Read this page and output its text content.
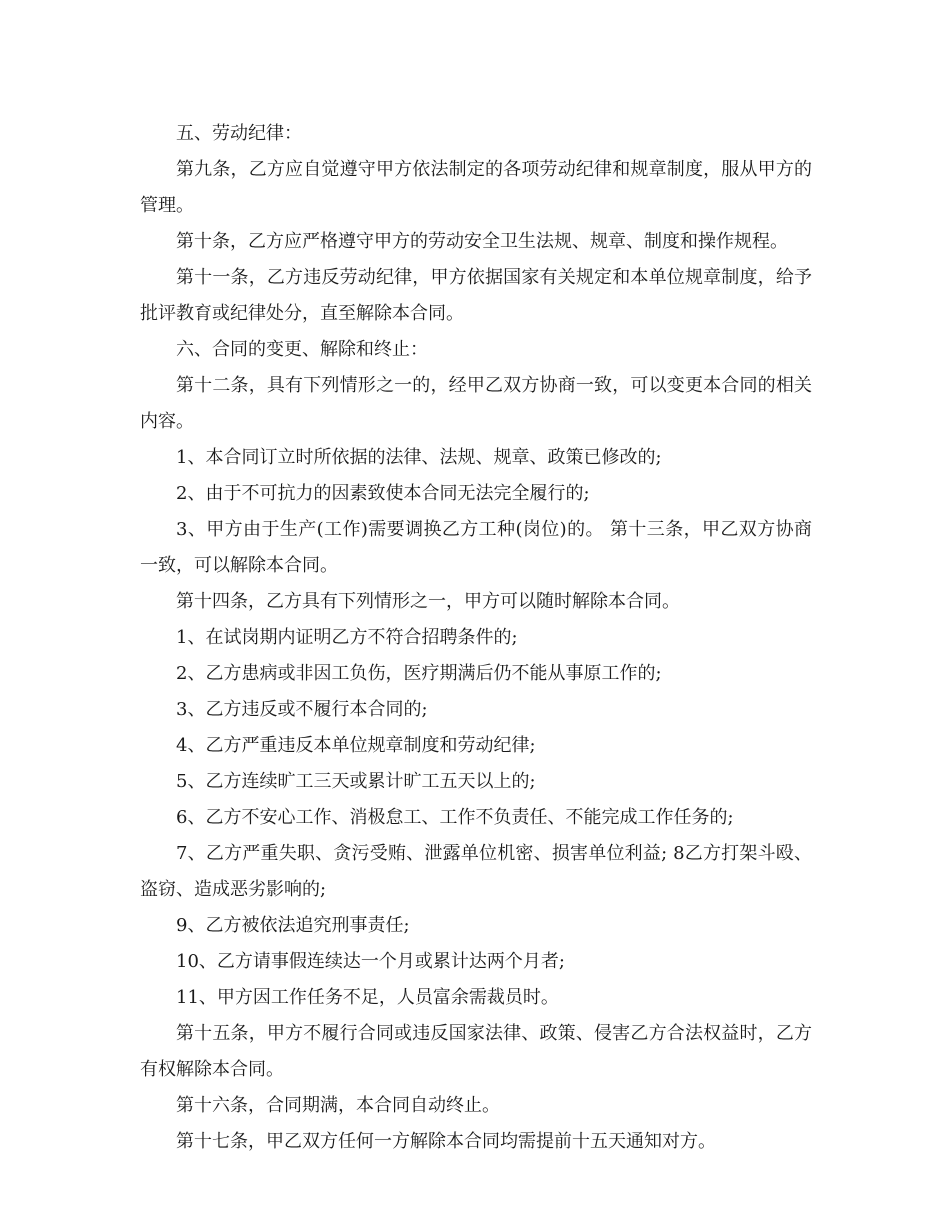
五、劳动纪律：

第九条，乙方应自觉遵守甲方依法制定的各项劳动纪律和规章制度，服从甲方的管理。

第十条，乙方应严格遵守甲方的劳动安全卫生法规、规章、制度和操作规程。

第十一条，乙方违反劳动纪律，甲方依据国家有关规定和本单位规章制度，给予批评教育或纪律处分，直至解除本合同。

六、合同的变更、解除和终止：

第十二条，具有下列情形之一的，经甲乙双方协商一致，可以变更本合同的相关内容。

1、本合同订立时所依据的法律、法规、规章、政策已修改的;

2、由于不可抗力的因素致使本合同无法完全履行的;

3、甲方由于生产(工作)需要调换乙方工种(岗位)的。 第十三条，甲乙双方协商一致，可以解除本合同。

第十四条，乙方具有下列情形之一，甲方可以随时解除本合同。

1、在试岗期内证明乙方不符合招聘条件的;

2、乙方患病或非因工负伤，医疗期满后仍不能从事原工作的;

3、乙方违反或不履行本合同的;

4、乙方严重违反本单位规章制度和劳动纪律;

5、乙方连续旷工三天或累计旷工五天以上的;

6、乙方不安心工作、消极怠工、工作不负责任、不能完成工作任务的;

7、乙方严重失职、贪污受贿、泄露单位机密、损害单位利益; 8乙方打架斗殴、盗窃、造成恶劣影响的;

9、乙方被依法追究刑事责任;

10、乙方请事假连续达一个月或累计达两个月者;

11、甲方因工作任务不足，人员富余需裁员时。

第十五条，甲方不履行合同或违反国家法律、政策、侵害乙方合法权益时，乙方有权解除本合同。

第十六条，合同期满，本合同自动终止。

第十七条，甲乙双方任何一方解除本合同均需提前十五天通知对方。
